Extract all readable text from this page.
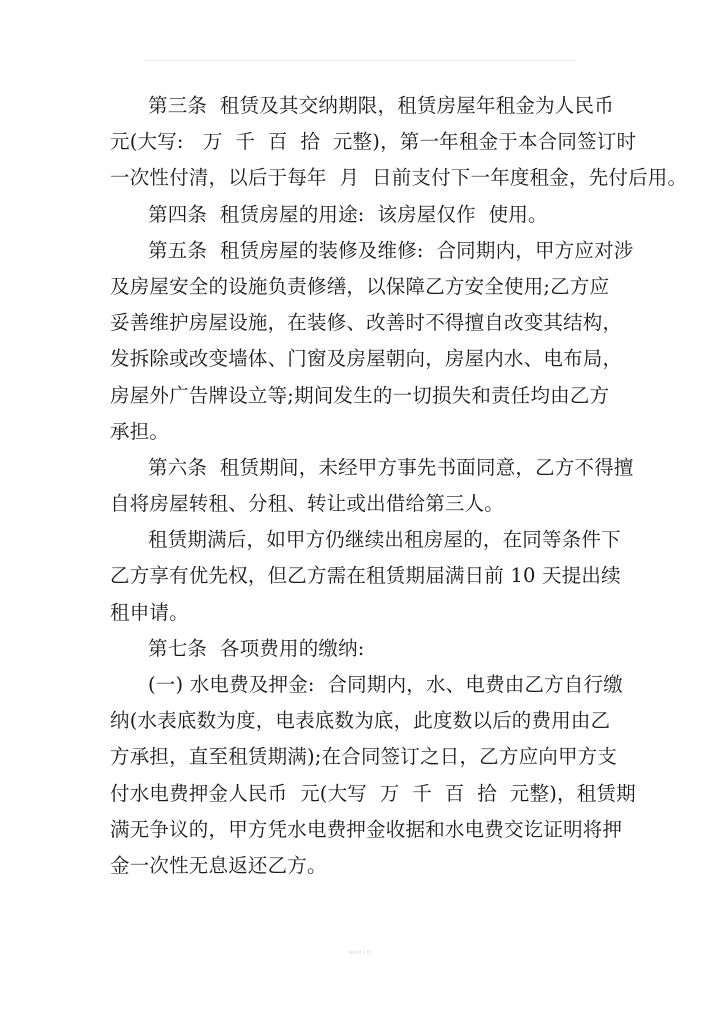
第三条  租赁及其交纳期限，租赁房屋年租金为人民币
元(大写:   万  千  百  拾  元整)，第一年租金于本合同签订时
一次性付清，以后于每年  月  日前支付下一年度租金，先付后用。
第四条  租赁房屋的用途:  该房屋仅作  使用。
第五条  租赁房屋的装修及维修:  合同期内，甲方应对涉
及房屋安全的设施负责修缮，以保障乙方安全使用;乙方应
妥善维护房屋设施，在装修、改善时不得擅自改变其结构，
发拆除或改变墙体、门窗及房屋朝向，房屋内水、电布局，
房屋外广告牌设立等;期间发生的一切损失和责任均由乙方
承担。
第六条  租赁期间，未经甲方事先书面同意，乙方不得擅
自将房屋转租、分租、转让或出借给第三人。
租赁期满后，如甲方仍继续出租房屋的，在同等条件下
乙方享有优先权，但乙方需在租赁期届满日前 10 天提出续
租申请。
第七条  各项费用的缴纳:
(一) 水电费及押金:  合同期内，水、电费由乙方自行缴
纳(水表底数为度，电表底数为底，此度数以后的费用由乙
方承担，直至租赁期满);在合同签订之日，乙方应向甲方支
付水电费押金人民币  元(大写  万  千  百  拾  元整)，租赁期
满无争议的，甲方凭水电费押金收据和水电费交讫证明将押
金一次性无息返还乙方。
word文档
